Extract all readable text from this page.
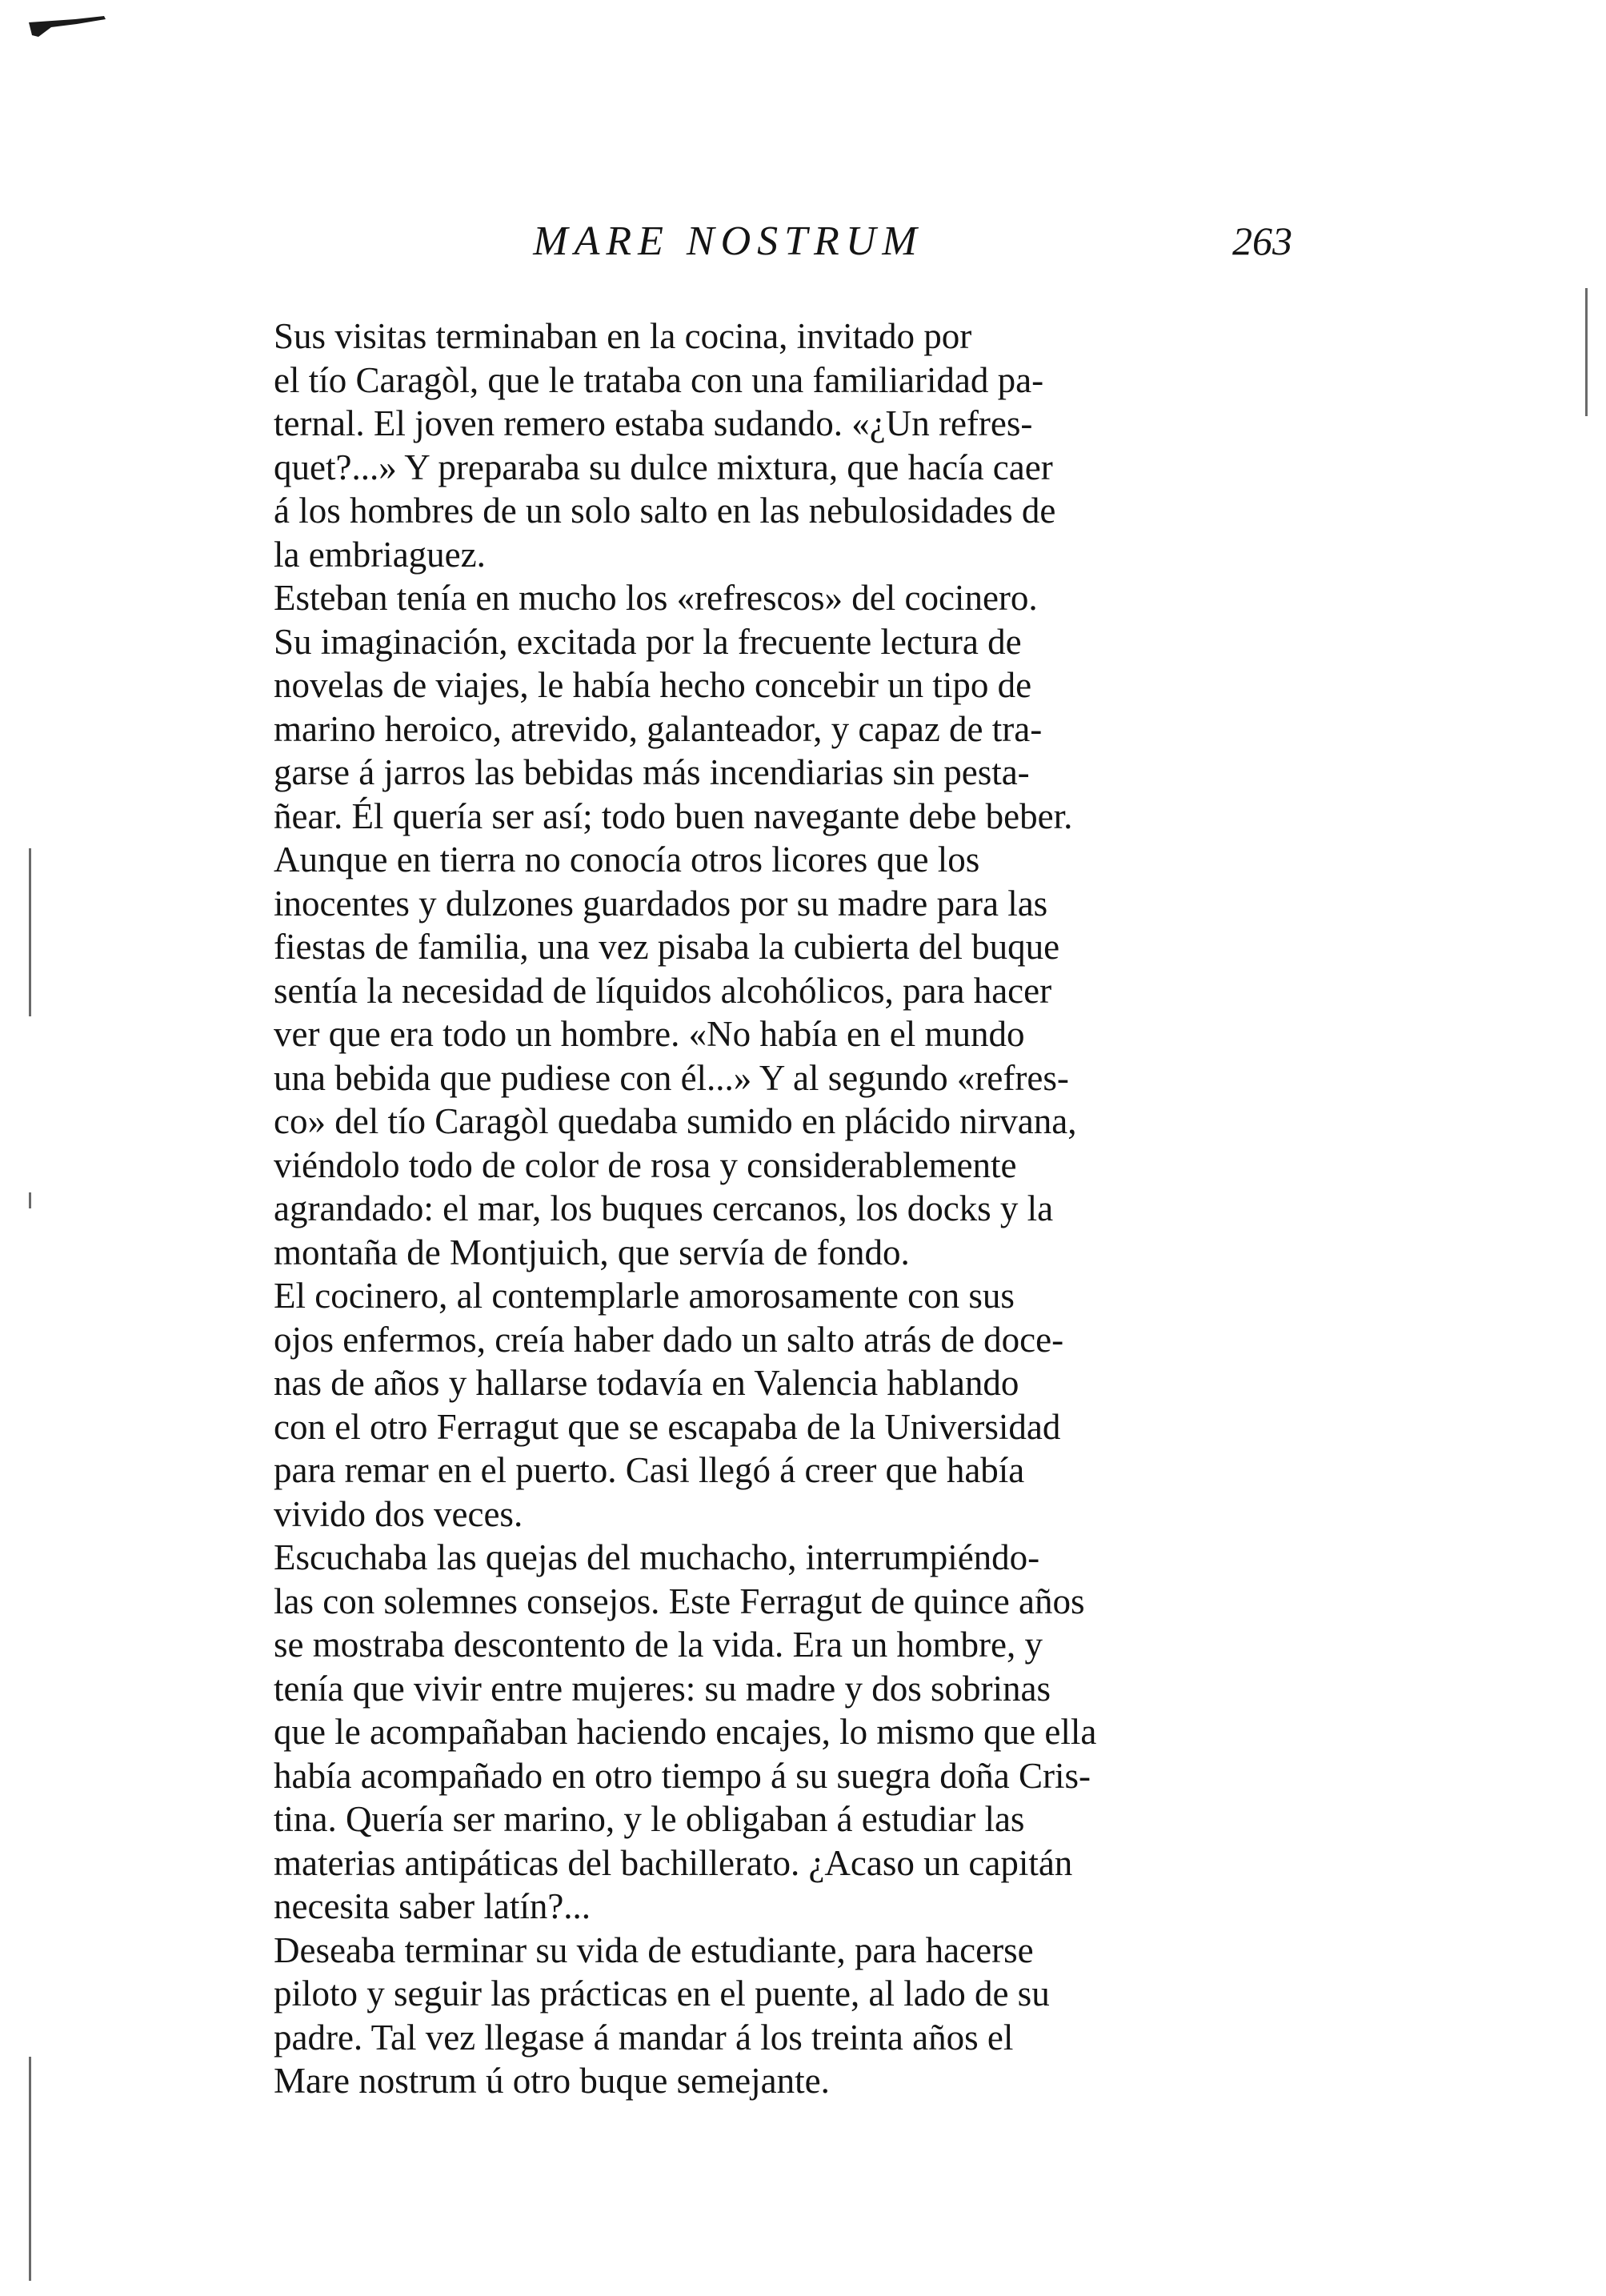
MARE NOSTRUM	263

Sus visitas terminaban en la cocina, invitado por
el tío Caragòl, que le trataba con una familiaridad pa-
ternal. El joven remero estaba sudando. «¿Un refres-
quet?...» Y preparaba su dulce mixtura, que hacía caer
á los hombres de un solo salto en las nebulosidades de
la embriaguez.

Esteban tenía en mucho los «refrescos» del cocinero.
Su imaginación, excitada por la frecuente lectura de
novelas de viajes, le había hecho concebir un tipo de
marino heroico, atrevido, galanteador, y capaz de tra-
garse á jarros las bebidas más incendiarias sin pesta-
ñear. Él quería ser así; todo buen navegante debe beber.

Aunque en tierra no conocía otros licores que los
inocentes y dulzones guardados por su madre para las
fiestas de familia, una vez pisaba la cubierta del buque
sentía la necesidad de líquidos alcohólicos, para hacer
ver que era todo un hombre. «No había en el mundo
una bebida que pudiese con él...» Y al segundo «refres-
co» del tío Caragòl quedaba sumido en plácido nirvana,
viéndolo todo de color de rosa y considerablemente
agrandado: el mar, los buques cercanos, los docks y la
montaña de Montjuich, que servía de fondo.

El cocinero, al contemplarle amorosamente con sus
ojos enfermos, creía haber dado un salto atrás de doce-
nas de años y hallarse todavía en Valencia hablando
con el otro Ferragut que se escapaba de la Universidad
para remar en el puerto. Casi llegó á creer que había
vivido dos veces.

Escuchaba las quejas del muchacho, interrumpiéndo-
las con solemnes consejos. Este Ferragut de quince años
se mostraba descontento de la vida. Era un hombre, y
tenía que vivir entre mujeres: su madre y dos sobrinas
que le acompañaban haciendo encajes, lo mismo que ella
había acompañado en otro tiempo á su suegra doña Cris-
tina. Quería ser marino, y le obligaban á estudiar las
materias antipáticas del bachillerato. ¿Acaso un capitán
necesita saber latín?...

Deseaba terminar su vida de estudiante, para hacerse
piloto y seguir las prácticas en el puente, al lado de su
padre. Tal vez llegase á mandar á los treinta años el
Mare nostrum ú otro buque semejante.
